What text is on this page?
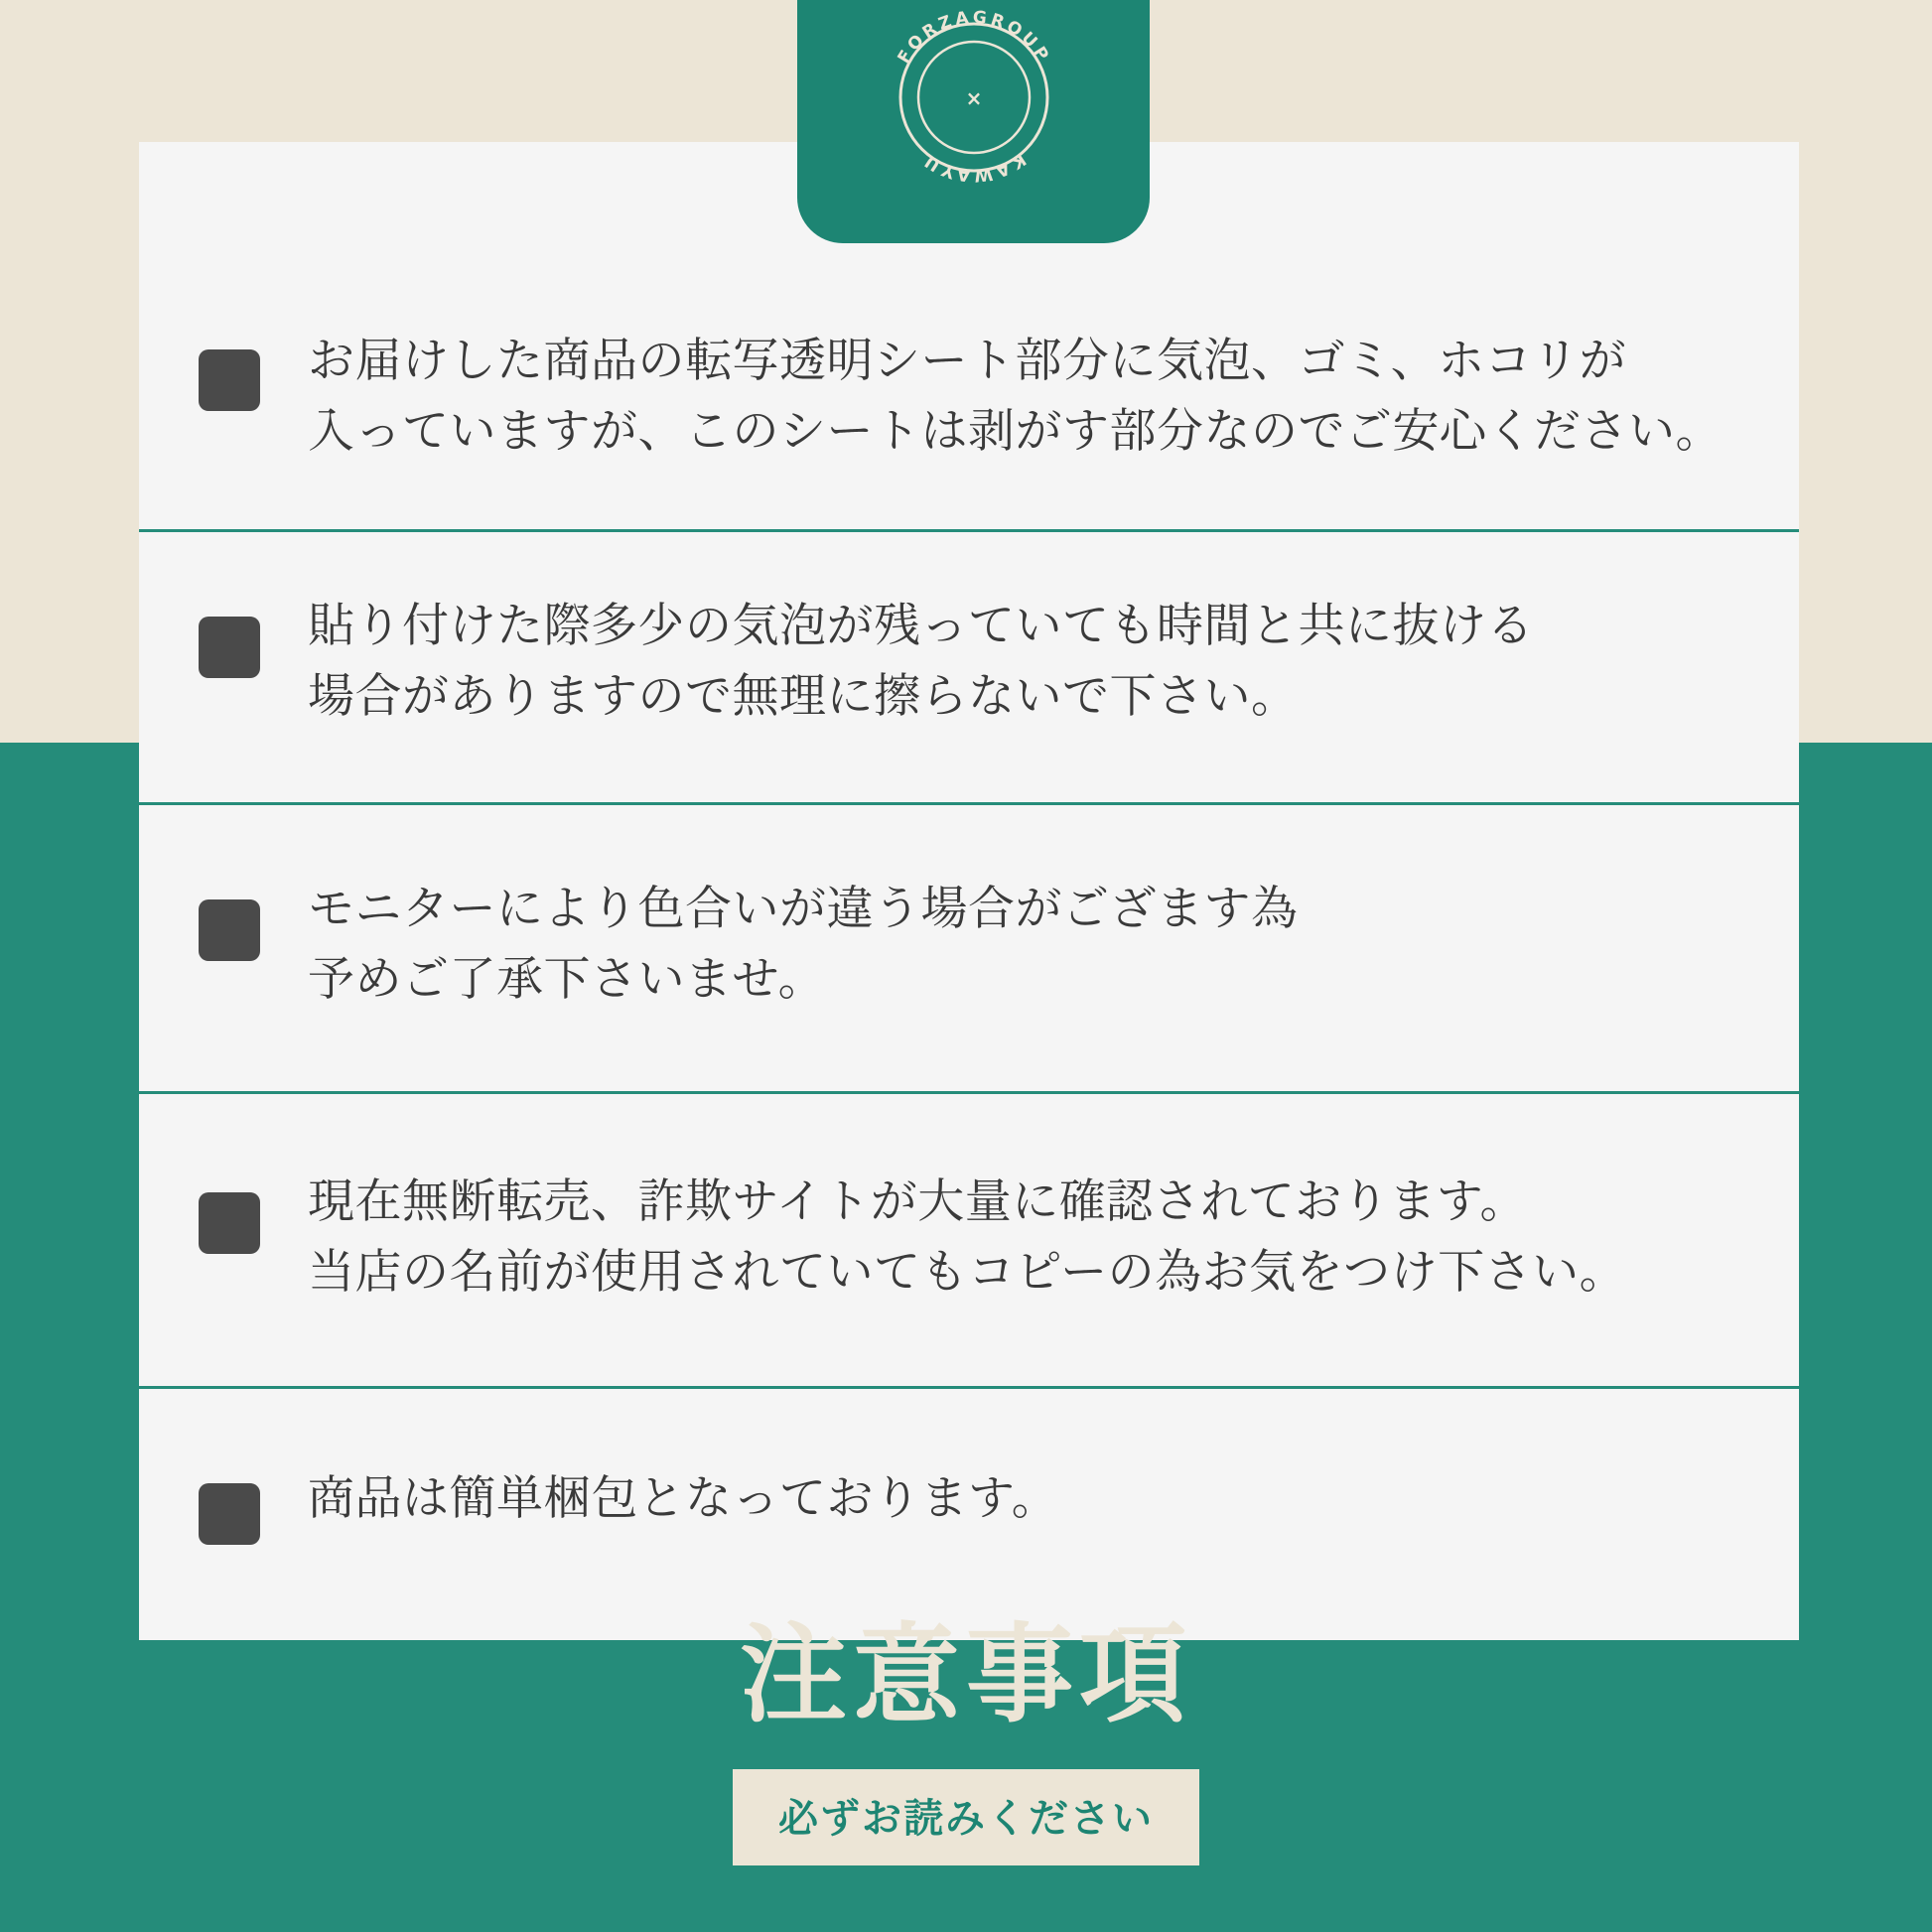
FORZAGROUP
KAWAYU
×
お届けした商品の転写透明シート部分に気泡、ゴミ、ホコリが
入っていますが、このシートは剥がす部分なのでご安心ください。
貼り付けた際多少の気泡が残っていても時間と共に抜ける
場合がありますので無理に擦らないで下さい。
モニターにより色合いが違う場合がござます為
予めご了承下さいませ。
現在無断転売、詐欺サイトが大量に確認されております。
当店の名前が使用されていてもコピーの為お気をつけ下さい。
商品は簡単梱包となっております。
注意事項
必ずお読みください
